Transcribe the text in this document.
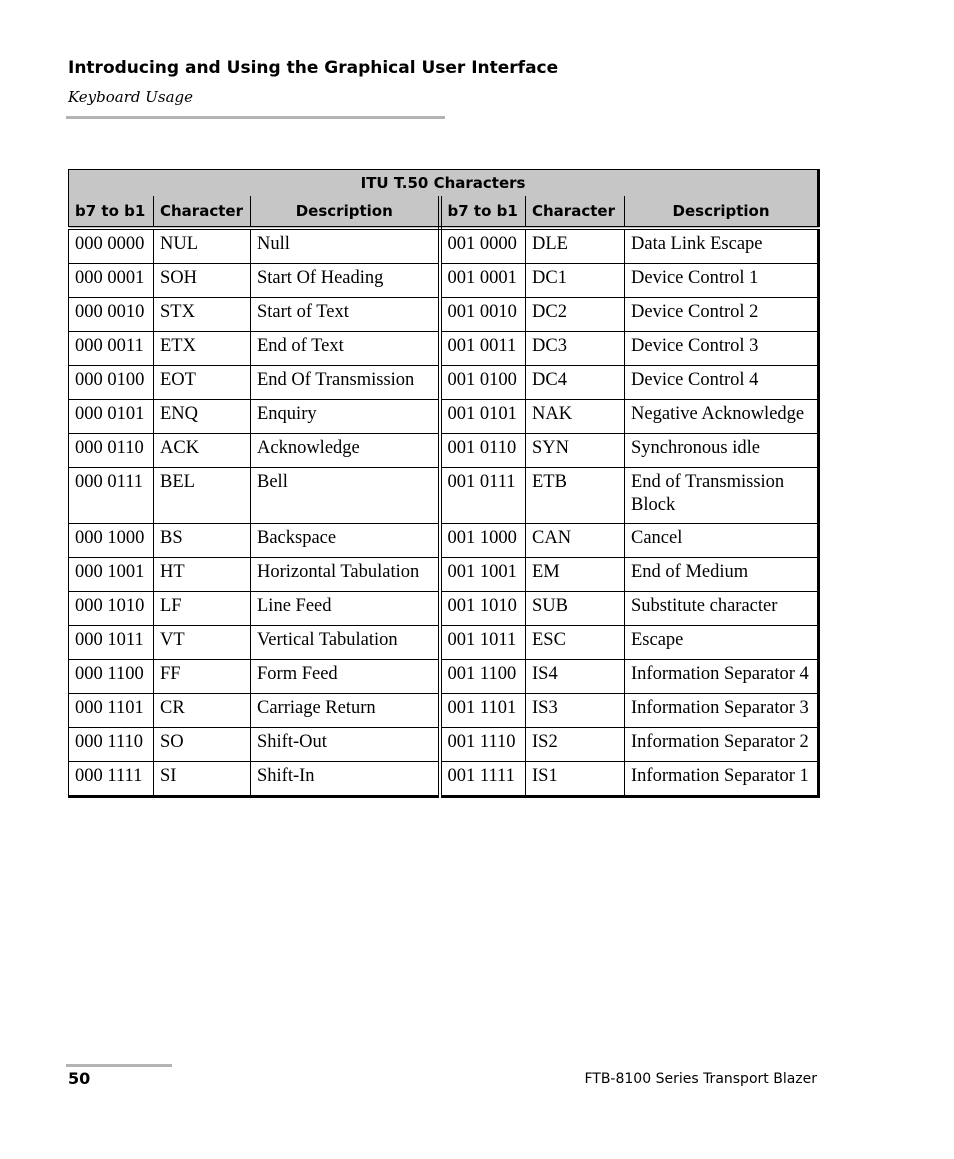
Introducing and Using the Graphical User Interface
Keyboard Usage
ITU T.50 Characters					
b7 to b1	Character	Description	b7 to b1	Character	Description
000 0000	NUL	Null	001 0000	DLE	Data Link Escape
000 0001	SOH	Start Of Heading	001 0001	DC1	Device Control 1
000 0010	STX	Start of Text	001 0010	DC2	Device Control 2
000 0011	ETX	End of Text	001 0011	DC3	Device Control 3
000 0100	EOT	End Of Transmission	001 0100	DC4	Device Control 4
000 0101	ENQ	Enquiry	001 0101	NAK	Negative Acknowledge
000 0110	ACK	Acknowledge	001 0110	SYN	Synchronous idle
000 0111	BEL	Bell	001 0111	ETB	End of Transmission Block
000 1000	BS	Backspace	001 1000	CAN	Cancel
000 1001	HT	Horizontal Tabulation	001 1001	EM	End of Medium
000 1010	LF	Line Feed	001 1010	SUB	Substitute character
000 1011	VT	Vertical Tabulation	001 1011	ESC	Escape
000 1100	FF	Form Feed	001 1100	IS4	Information Separator 4
000 1101	CR	Carriage Return	001 1101	IS3	Information Separator 3
000 1110	SO	Shift-Out	001 1110	IS2	Information Separator 2
000 1111	SI	Shift-In	001 1111	IS1	Information Separator 1
50	FTB-8100 Series Transport Blazer
